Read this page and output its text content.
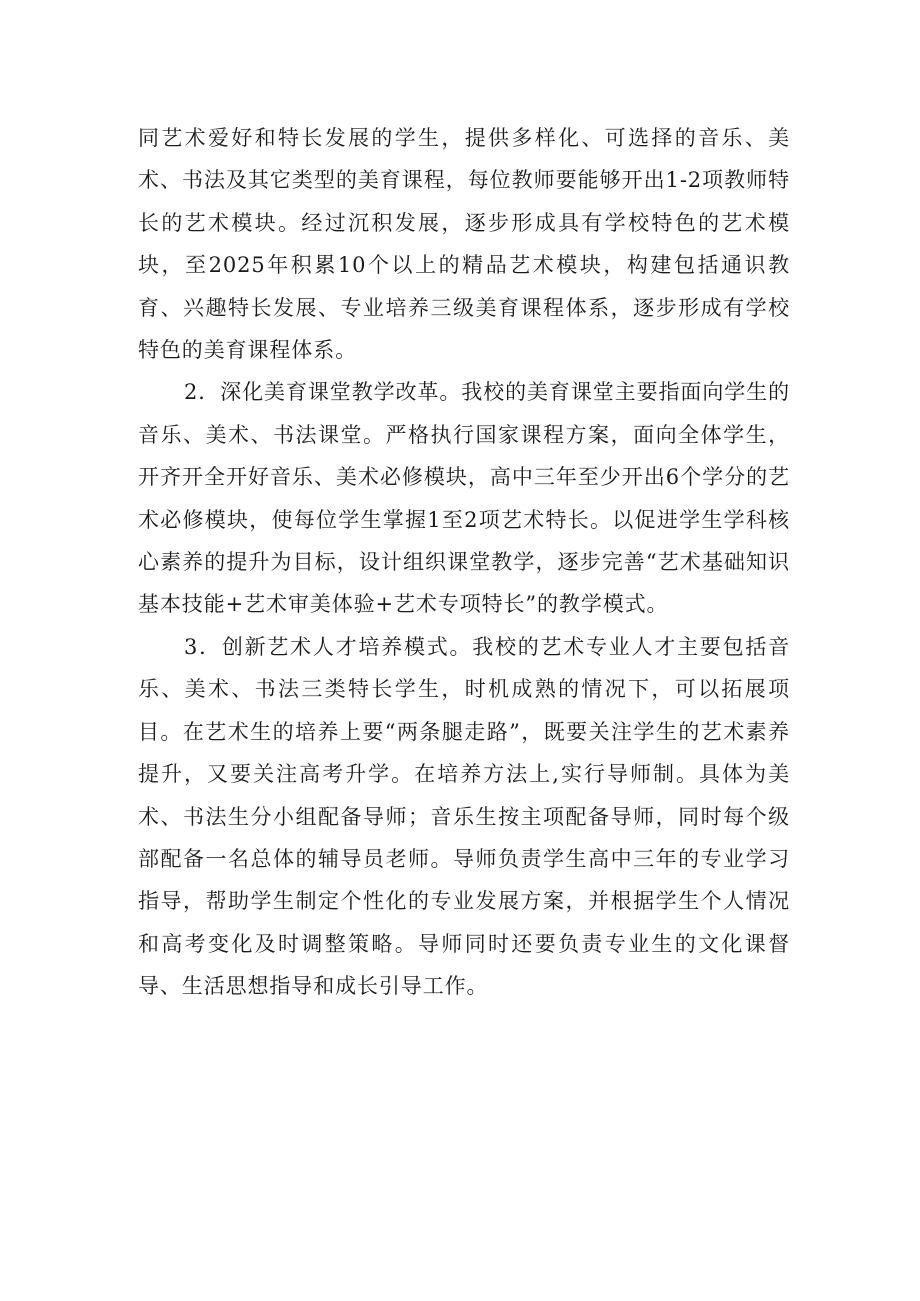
同艺术爱好和特长发展的学生，提供多样化、可选择的音乐、美术、书法及其它类型的美育课程，每位教师要能够开出1-2项教师特长的艺术模块。经过沉积发展，逐步形成具有学校特色的艺术模块，至2025年积累10个以上的精品艺术模块，构建包括通识教育、兴趣特长发展、专业培养三级美育课程体系，逐步形成有学校特色的美育课程体系。

2．深化美育课堂教学改革。我校的美育课堂主要指面向学生的音乐、美术、书法课堂。严格执行国家课程方案，面向全体学生，开齐开全开好音乐、美术必修模块，高中三年至少开出6个学分的艺术必修模块，使每位学生掌握1至2项艺术特长。以促进学生学科核心素养的提升为目标，设计组织课堂教学，逐步完善“艺术基础知识基本技能+艺术审美体验+艺术专项特长”的教学模式。

3．创新艺术人才培养模式。我校的艺术专业人才主要包括音乐、美术、书法三类特长学生，时机成熟的情况下，可以拓展项目。在艺术生的培养上要“两条腿走路”，既要关注学生的艺术素养提升，又要关注高考升学。在培养方法上,实行导师制。具体为美术、书法生分小组配备导师；音乐生按主项配备导师，同时每个级部配备一名总体的辅导员老师。导师负责学生高中三年的专业学习指导，帮助学生制定个性化的专业发展方案，并根据学生个人情况和高考变化及时调整策略。导师同时还要负责专业生的文化课督导、生活思想指导和成长引导工作。
